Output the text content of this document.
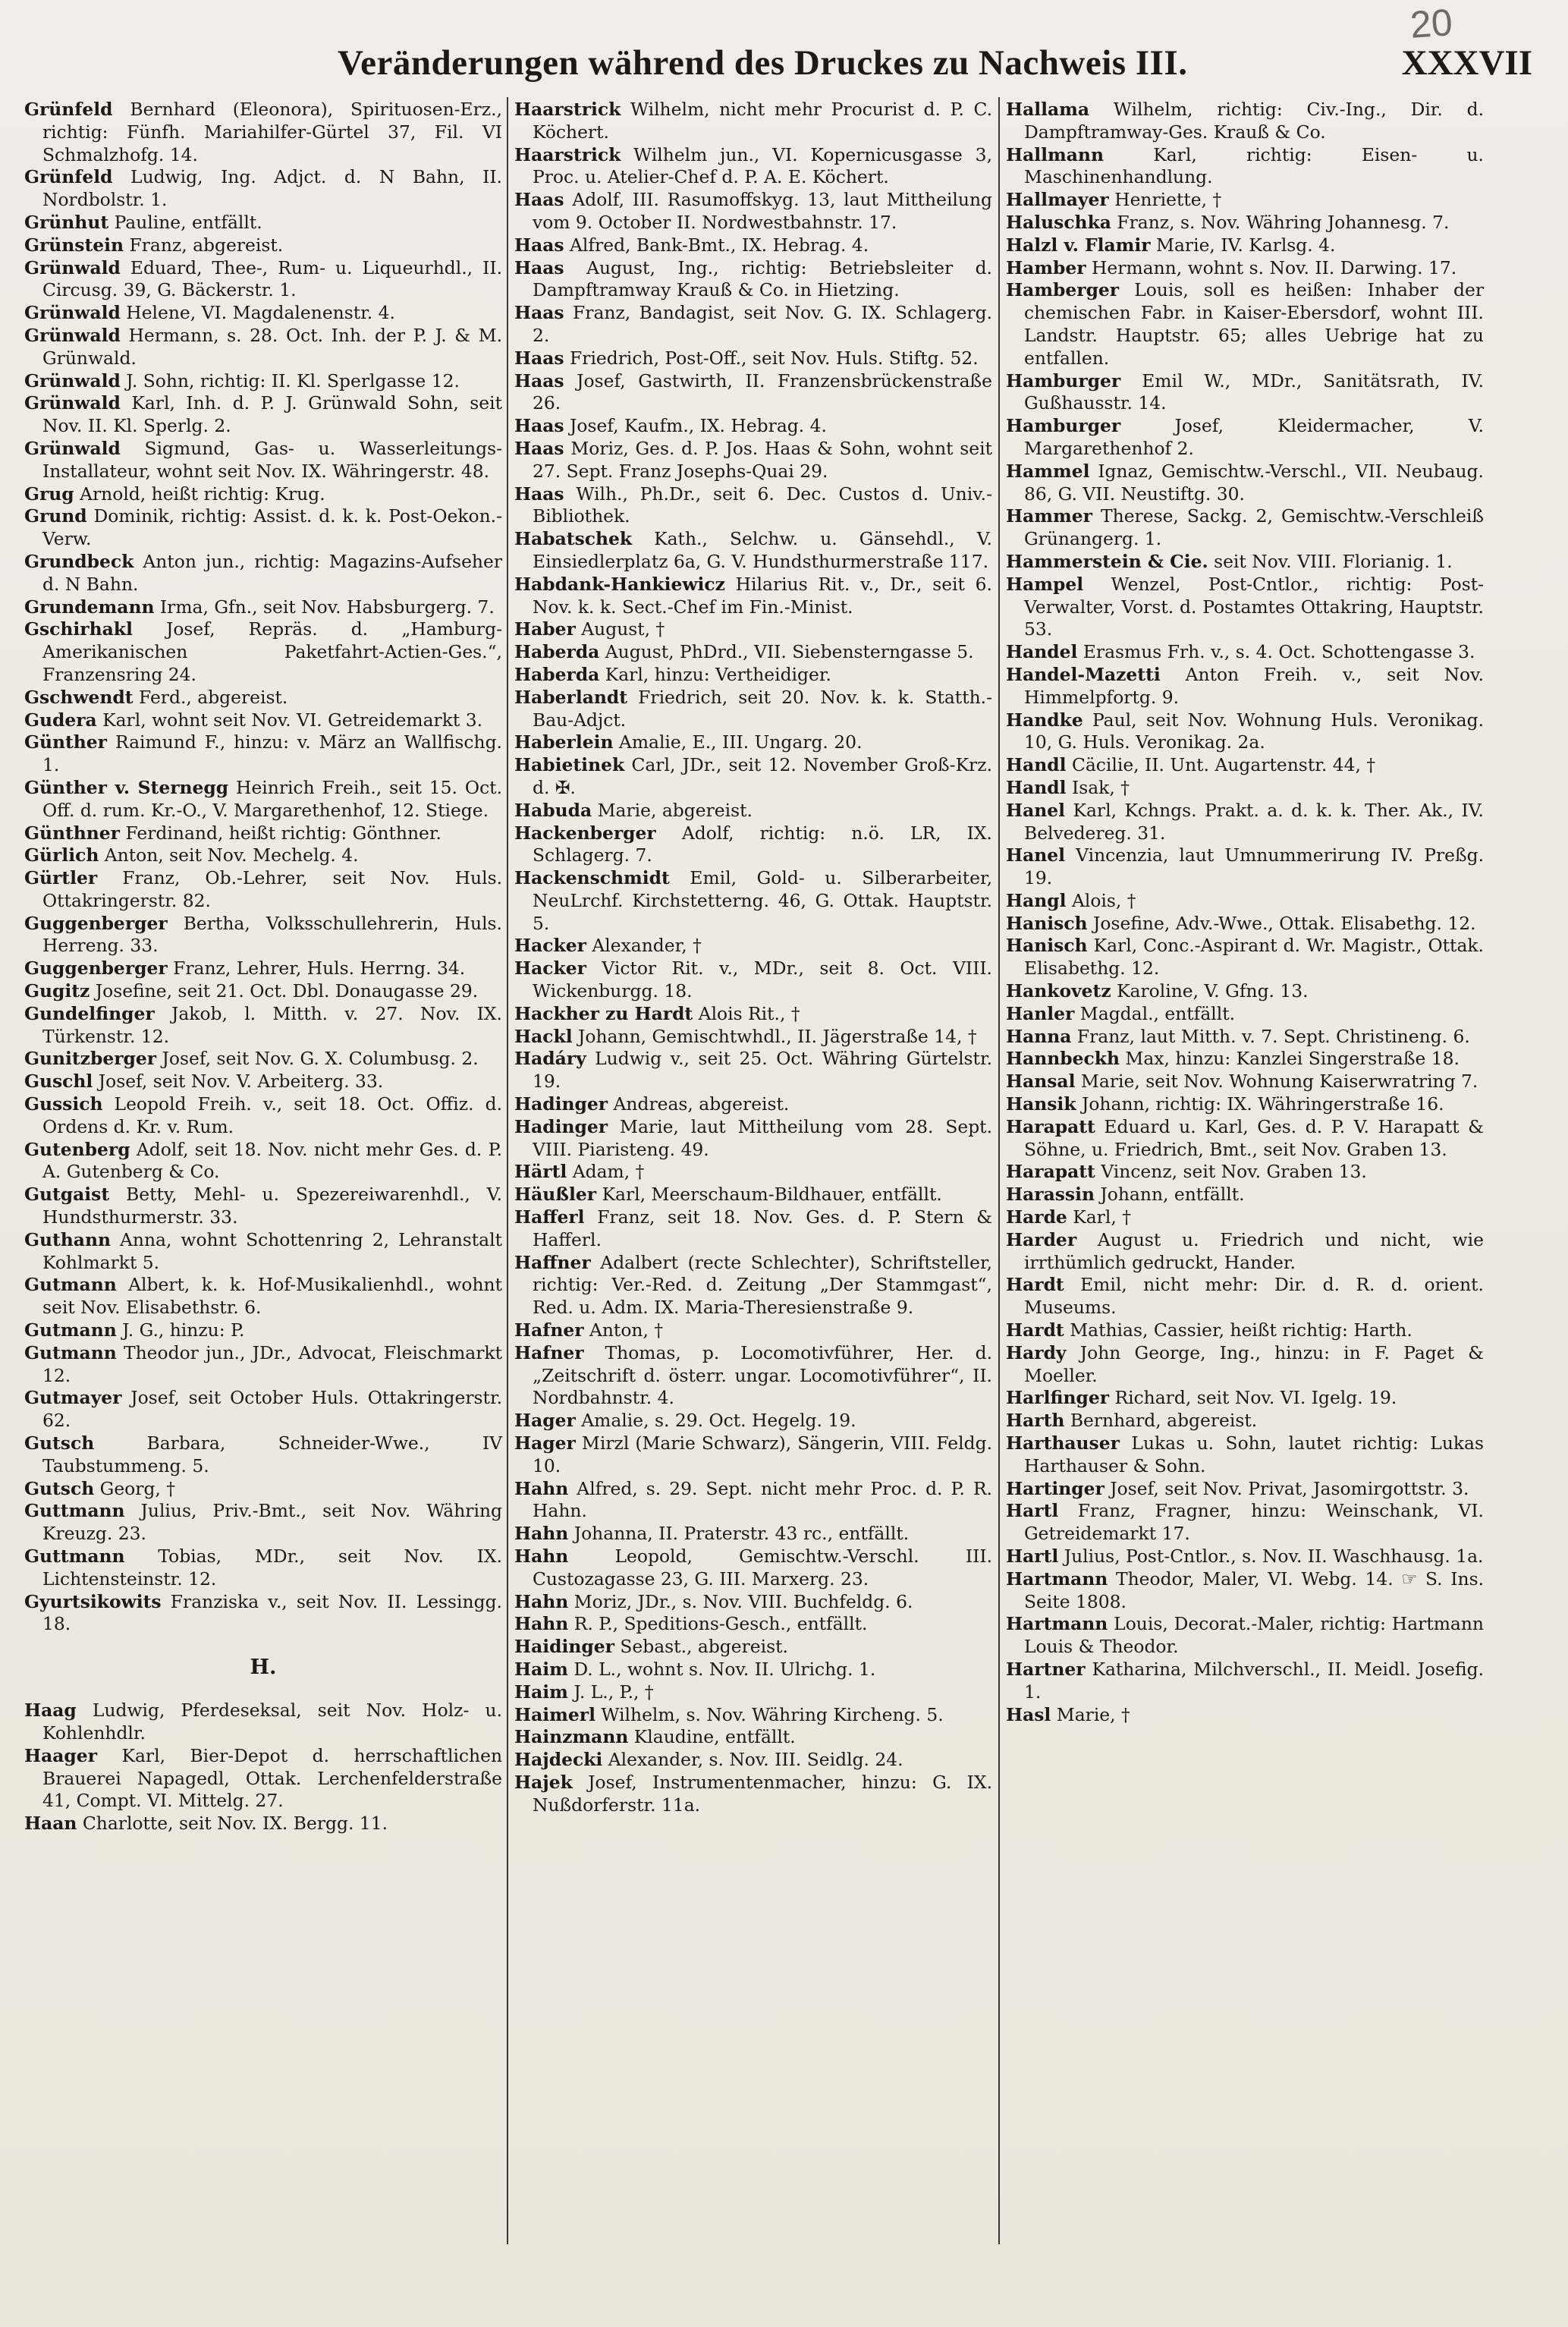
20
Veränderungen während des Druckes zu Nachweis III.	XXXVII

Grünfeld Bernhard (Eleonora), Spirituosen-Erz., richtig: Fünfh. Mariahilfer-Gürtel 37, Fil. VI Schmalzhofg. 14.

Grünfeld Ludwig, Ing. Adjct. d. N Bahn, II. Nordbolstr. 1.

Grünhut Pauline, entfällt.

Grünstein Franz, abgereist.

Grünwald Eduard, Thee-, Rum- u. Liqueurhdl., II. Circusg. 39, G. Bäckerstr. 1.

Grünwald Helene, VI. Magdalenenstr. 4.

Grünwald Hermann, s. 28. Oct. Inh. der P. J. & M. Grünwald.

Grünwald J. Sohn, richtig: II. Kl. Sperlgasse 12.

Grünwald Karl, Inh. d. P. J. Grünwald Sohn, seit Nov. II. Kl. Sperlg. 2.

Grünwald Sigmund, Gas- u. Wasserleitungs-Installateur, wohnt seit Nov. IX. Währingerstr. 48.

Grug Arnold, heißt richtig: Krug.

Grund Dominik, richtig: Assist. d. k. k. Post-Oekon.-Verw.

Grundbeck Anton jun., richtig: Magazins-Aufseher d. N Bahn.

Grundemann Irma, Gfn., seit Nov. Habsburgerg. 7.

Gschirhakl Josef, Repräs. d. „Hamburg-Amerikanischen Paketfahrt-Actien-Ges.“, Franzensring 24.

Gschwendt Ferd., abgereist.

Gudera Karl, wohnt seit Nov. VI. Getreidemarkt 3.

Günther Raimund F., hinzu: v. März an Wallfischg. 1.

Günther v. Sternegg Heinrich Freih., seit 15. Oct. Off. d. rum. Kr.-O., V. Margarethenhof, 12. Stiege.

Günthner Ferdinand, heißt richtig: Gönthner.

Gürlich Anton, seit Nov. Mechelg. 4.

Gürtler Franz, Ob.-Lehrer, seit Nov. Huls. Ottakringerstr. 82.

Guggenberger Bertha, Volksschullehrerin, Huls. Herreng. 33.

Guggenberger Franz, Lehrer, Huls. Herrng. 34.

Gugitz Josefine, seit 21. Oct. Dbl. Donaugasse 29.

Gundelfinger Jakob, l. Mitth. v. 27. Nov. IX. Türkenstr. 12.

Gunitzberger Josef, seit Nov. G. X. Columbusg. 2.

Guschl Josef, seit Nov. V. Arbeiterg. 33.

Gussich Leopold Freih. v., seit 18. Oct. Offiz. d. Ordens d. Kr. v. Rum.

Gutenberg Adolf, seit 18. Nov. nicht mehr Ges. d. P. A. Gutenberg & Co.

Gutgaist Betty, Mehl- u. Spezereiwarenhdl., V. Hundsthurmerstr. 33.

Guthann Anna, wohnt Schottenring 2, Lehranstalt Kohlmarkt 5.

Gutmann Albert, k. k. Hof-Musikalienhdl., wohnt seit Nov. Elisabethstr. 6.

Gutmann J. G., hinzu: P.

Gutmann Theodor jun., JDr., Advocat, Fleischmarkt 12.

Gutmayer Josef, seit October Huls. Ottakringerstr. 62.

Gutsch	Barbara, Schneider-Wwe., IV Taubstummeng. 5.

Gutsch Georg, †

Guttmann Julius, Priv.-Bmt., seit Nov. Währing Kreuzg. 23.

Guttmann Tobias, MDr., seit Nov. IX. Lichtensteinstr. 12.

Gyurtsikowits Franziska v., seit Nov. II. Lessingg. 18.

H.

Haag Ludwig, Pferdeseksal, seit Nov. Holz- u. Kohlenhdlr.

Haager Karl, Bier-Depot d. herrschaftlichen Brauerei Napagedl, Ottak. Lerchenfelderstraße 41, Compt. VI. Mittelg. 27.

Haan Charlotte, seit Nov. IX. Bergg. 11.

Haarstrick Wilhelm, nicht mehr Procurist d. P. C. Köchert.

Haarstrick Wilhelm jun., VI. Kopernicusgasse 3, Proc. u. Atelier-Chef d. P. A. E. Köchert.

Haas Adolf, III. Rasumoffskyg. 13, laut Mittheilung vom 9. October II. Nordwestbahnstr. 17.

Haas Alfred, Bank-Bmt., IX. Hebrag. 4.

Haas August, Ing., richtig: Betriebsleiter d. Dampftramway Krauß & Co. in Hietzing.

Haas Franz, Bandagist, seit Nov. G. IX. Schlagerg. 2.

Haas Friedrich, Post-Off., seit Nov. Huls. Stiftg. 52.

Haas Josef, Gastwirth, II. Franzensbrückenstraße 26.

Haas Josef, Kaufm., IX. Hebrag. 4.

Haas Moriz, Ges. d. P. Jos. Haas & Sohn, wohnt seit 27. Sept. Franz Josephs-Quai 29.

Haas Wilh., Ph.Dr., seit 6. Dec. Custos d. Univ.-Bibliothek.

Habatschek Kath., Selchw. u. Gänsehdl., V. Einsiedlerplatz 6a, G. V. Hundsthurmerstraße 117.

Habdank-Hankiewicz Hilarius Rit. v., Dr., seit 6. Nov. k. k. Sect.-Chef im Fin.-Minist.

Haber August, †

Haberda August, PhDrd., VII. Siebensterngasse 5.

Haberda Karl, hinzu: Vertheidiger.

Haberlandt Friedrich, seit 20. Nov. k. k. Statth.-Bau-Adjct.

Haberlein Amalie, E., III. Ungarg. 20.

Habietinek Carl, JDr., seit 12. November Groß-Krz. d. ✠.

Habuda Marie, abgereist.

Hackenberger Adolf, richtig: n.ö. LR, IX. Schlagerg. 7.

Hackenschmidt Emil, Gold- u. Silberarbeiter, NeuLrchf. Kirchstetterng. 46, G. Ottak. Hauptstr. 5.

Hacker Alexander, †

Hacker Victor Rit. v., MDr., seit 8. Oct. VIII. Wickenburgg. 18.

Hackher zu Hardt Alois Rit., †

Hackl Johann, Gemischtwhdl., II. Jägerstraße 14, †

Hadáry Ludwig v., seit 25. Oct. Währing Gürtelstr. 19.

Hadinger Andreas, abgereist.

Hadinger Marie, laut Mittheilung vom 28. Sept. VIII. Piaristeng. 49.

Härtl Adam, †

Häußler Karl, Meerschaum-Bildhauer, entfällt.

Hafferl Franz, seit 18. Nov. Ges. d. P. Stern & Hafferl.

Haffner Adalbert (recte Schlechter), Schriftsteller, richtig: Ver.-Red. d. Zeitung „Der Stammgast“, Red. u. Adm. IX. Maria-Theresienstraße 9.

Hafner Anton, †

Hafner Thomas, p. Locomotivführer, Her. d. „Zeitschrift d. österr. ungar. Locomotivführer“, II. Nordbahnstr. 4.

Hager Amalie, s. 29. Oct. Hegelg. 19.

Hager Mirzl (Marie Schwarz), Sängerin, VIII. Feldg. 10.

Hahn Alfred, s. 29. Sept. nicht mehr Proc. d. P. R. Hahn.

Hahn Johanna, II. Praterstr. 43 rc., entfällt.

Hahn	Leopold, Gemischtw.-Verschl. III. Custozagasse 23, G. III. Marxerg. 23.

Hahn Moriz, JDr., s. Nov. VIII. Buchfeldg. 6.

Hahn R. P., Speditions-Gesch., entfällt.

Haidinger Sebast., abgereist.

Haim D. L., wohnt s. Nov. II. Ulrichg. 1.

Haim J. L., P., †

Haimerl Wilhelm, s. Nov. Währing Kircheng. 5.

Hainzmann Klaudine, entfällt.

Hajdecki Alexander, s. Nov. III. Seidlg. 24.

Hajek Josef, Instrumentenmacher, hinzu: G. IX. Nußdorferstr. 11a.

Hallama Wilhelm, richtig: Civ.-Ing., Dir. d. Dampftramway-Ges. Krauß & Co.

Hallmann	Karl, richtig: Eisen- u. Maschinenhandlung.

Hallmayer Henriette, †

Haluschka Franz, s. Nov. Währing Johannesg. 7.

Halzl v. Flamir Marie, IV. Karlsg. 4.

Hamber Hermann, wohnt s. Nov. II. Darwing. 17.

Hamberger Louis, soll es heißen: Inhaber der chemischen Fabr. in Kaiser-Ebersdorf, wohnt III. Landstr. Hauptstr. 65; alles Uebrige hat zu entfallen.

Hamburger Emil W., MDr., Sanitätsrath, IV. Gußhausstr. 14.

Hamburger	Josef, Kleidermacher, V. Margarethenhof 2.

Hammel Ignaz, Gemischtw.-Verschl., VII. Neubaug. 86, G. VII. Neustiftg. 30.

Hammer Therese, Sackg. 2, Gemischtw.-Verschleiß Grünangerg. 1.

Hammerstein & Cie. seit Nov. VIII. Florianig. 1.

Hampel Wenzel, Post-Cntlor., richtig: Post-Verwalter, Vorst. d. Postamtes Ottakring, Hauptstr. 53.

Handel Erasmus Frh. v., s. 4. Oct. Schottengasse 3.

Handel-Mazetti Anton Freih. v., seit Nov. Himmelpfortg. 9.

Handke Paul, seit Nov. Wohnung Huls. Veronikag. 10, G. Huls. Veronikag. 2a.

Handl Cäcilie, II. Unt. Augartenstr. 44, †

Handl Isak, †

Hanel Karl, Kchngs. Prakt. a. d. k. k. Ther. Ak., IV. Belvedereg. 31.

Hanel Vincenzia, laut Umnummerirung IV. Preßg. 19.

Hangl Alois, †

Hanisch Josefine, Adv.-Wwe., Ottak. Elisabethg. 12.

Hanisch Karl, Conc.-Aspirant d. Wr. Magistr., Ottak. Elisabethg. 12.

Hankovetz Karoline, V. Gfng. 13.

Hanler Magdal., entfällt.

Hanna Franz, laut Mitth. v. 7. Sept. Christineng. 6.

Hannbeckh Max, hinzu: Kanzlei Singerstraße 18.

Hansal Marie, seit Nov. Wohnung Kaiserwratring 7.

Hansik Johann, richtig: IX. Währingerstraße 16.

Harapatt Eduard u. Karl, Ges. d. P. V. Harapatt & Söhne, u. Friedrich, Bmt., seit Nov. Graben 13.

Harapatt Vincenz, seit Nov. Graben 13.

Harassin Johann, entfällt.

Harde Karl, †

Harder August u. Friedrich und nicht, wie irrthümlich gedruckt, Hander.

Hardt Emil, nicht mehr: Dir. d. R. d. orient. Museums.

Hardt Mathias, Cassier, heißt richtig: Harth.

Hardy John George, Ing., hinzu: in F. Paget & Moeller.

Harlfinger Richard, seit Nov. VI. Igelg. 19.

Harth Bernhard, abgereist.

Harthauser Lukas u. Sohn, lautet richtig: Lukas Harthauser & Sohn.

Hartinger Josef, seit Nov. Privat, Jasomirgottstr. 3.

Hartl Franz, Fragner, hinzu: Weinschank, VI. Getreidemarkt 17.

Hartl Julius, Post-Cntlor., s. Nov. II. Waschhausg. 1a.

Hartmann Theodor, Maler, VI. Webg. 14. ☞ S. Ins. Seite 1808.

Hartmann Louis, Decorat.-Maler, richtig: Hartmann Louis & Theodor.

Hartner Katharina, Milchverschl., II. Meidl. Josefig. 1.

Hasl Marie, †
